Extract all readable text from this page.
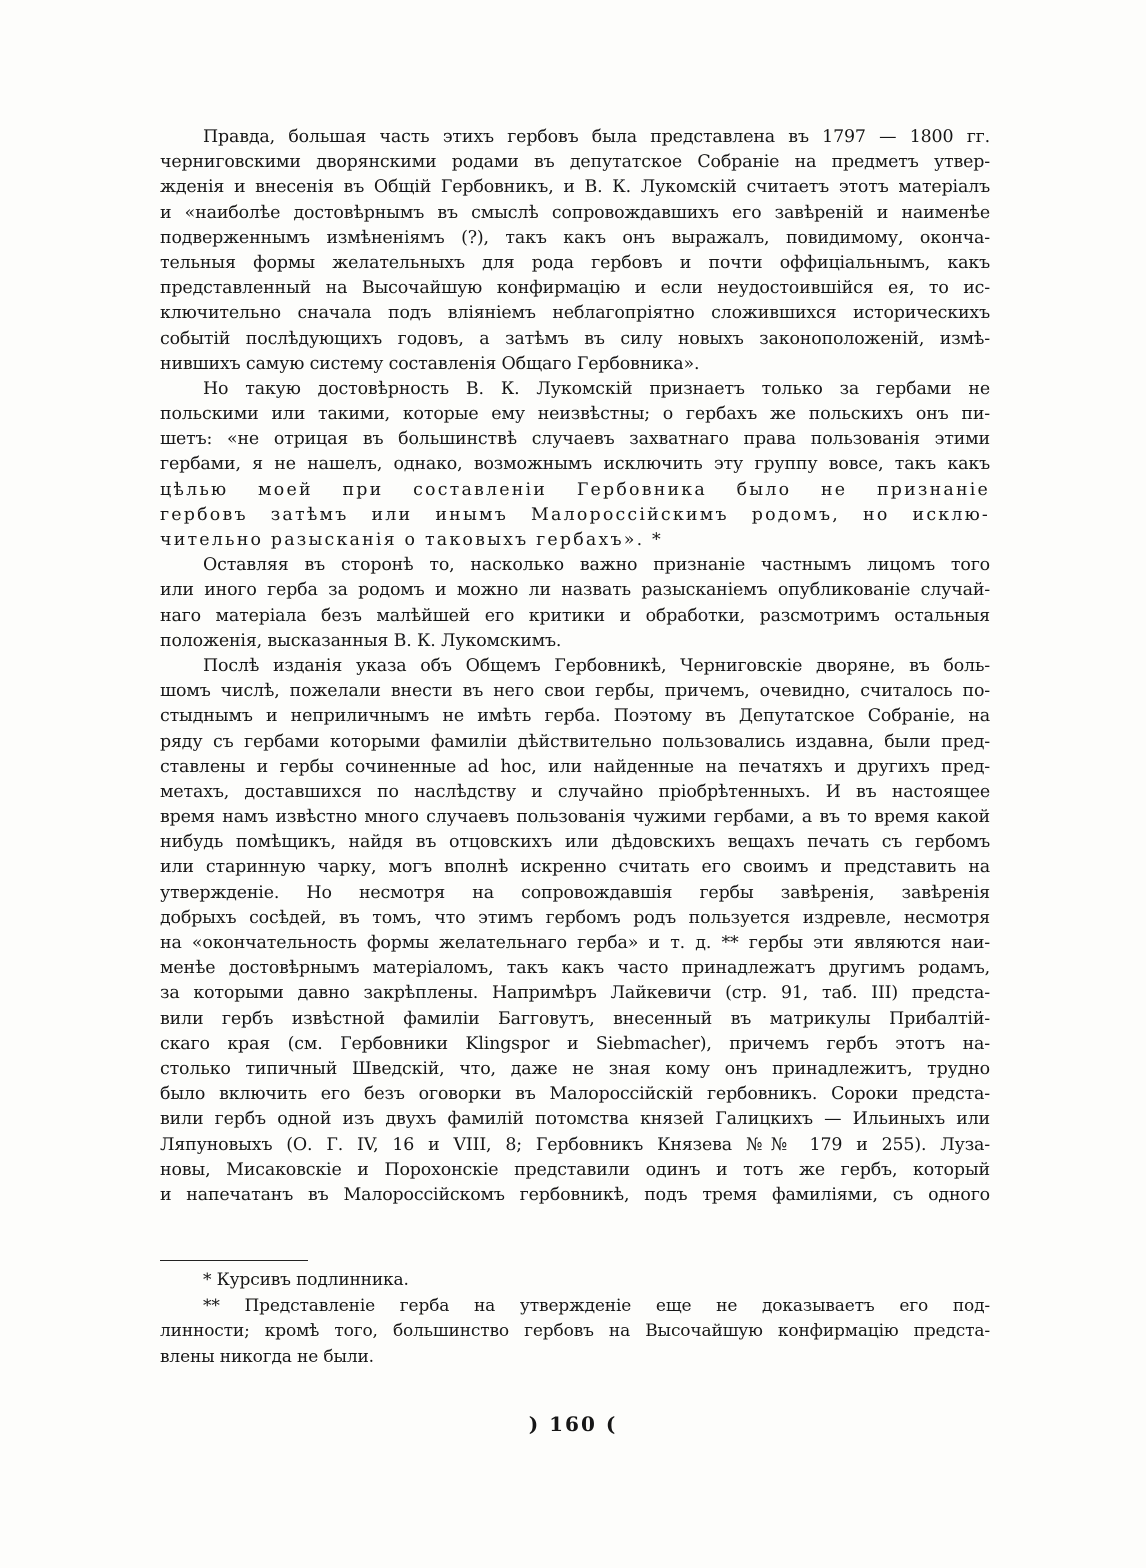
Правда, большая часть этихъ гербовъ была представлена въ 1797 — 1800 гг.
черниговскими дворянскими родами въ депутатское Собраніе на предметъ утвер-
жденія и внесенія въ Общій Гербовникъ, и В. К. Лукомскій считаетъ этотъ матеріалъ
и «наиболѣе достовѣрнымъ въ смыслѣ сопровождавшихъ его завѣреній и наименѣе
подверженнымъ измѣненіямъ (?), такъ какъ онъ выражалъ, повидимому, оконча-
тельныя формы желательныхъ для рода гербовъ и почти оффиціальнымъ, какъ
представленный на Высочайшую конфирмацію и если неудостоившійся ея, то ис-
ключительно сначала подъ вліяніемъ неблагопріятно сложившихся историческихъ
событій послѣдующихъ годовъ, а затѣмъ въ силу новыхъ законоположеній, измѣ-
нившихъ самую систему составленія Общаго Гербовника».
Но такую достовѣрность В. К. Лукомскій признаетъ только за гербами не
польскими или такими, которые ему неизвѣстны; о гербахъ же польскихъ онъ пи-
шетъ: «не отрицая въ большинствѣ случаевъ захватнаго права пользованія этими
гербами, я не нашелъ, однако, возможнымъ исключить эту группу вовсе, такъ какъ
цѣлью моей при составленіи Гербовника было не признаніе
гербовъ затѣмъ или инымъ Малороссійскимъ родомъ, но исклю-
чительно разысканія о таковыхъ гербахъ». *
Оставляя въ сторонѣ то, насколько важно признаніе частнымъ лицомъ того
или иного герба за родомъ и можно ли назвать разысканіемъ опубликованіе случай-
наго матеріала безъ малѣйшей его критики и обработки, разсмотримъ остальныя
положенія, высказанныя В. К. Лукомскимъ.
Послѣ изданія указа объ Общемъ Гербовникѣ, Черниговскіе дворяне, въ боль-
шомъ числѣ, пожелали внести въ него свои гербы, причемъ, очевидно, считалось по-
стыднымъ и неприличнымъ не имѣть герба. Поэтому въ Депутатское Собраніе, на
ряду съ гербами которыми фамиліи дѣйствительно пользовались издавна, были пред-
ставлены и гербы сочиненные ad hoc, или найденные на печатяхъ и другихъ пред-
метахъ, доставшихся по наслѣдству и случайно пріобрѣтенныхъ. И въ настоящее
время намъ извѣстно много случаевъ пользованія чужими гербами, а въ то время какой
нибудь помѣщикъ, найдя въ отцовскихъ или дѣдовскихъ вещахъ печать съ гербомъ
или старинную чарку, могъ вполнѣ искренно считать его своимъ и представить на
утвержденіе. Но несмотря на сопровождавшія гербы завѣренія, завѣренія
добрыхъ сосѣдей, въ томъ, что этимъ гербомъ родъ пользуется издревле, несмотря
на «окончательность формы желательнаго герба» и т. д. ** гербы эти являются наи-
менѣе достовѣрнымъ матеріаломъ, такъ какъ часто принадлежатъ другимъ родамъ,
за которыми давно закрѣплены. Напримѣръ Лайкевичи (стр. 91, таб. III) предста-
вили гербъ извѣстной фамиліи Багговутъ, внесенный въ матрикулы Прибалтій-
скаго края (см. Гербовники Klingspor и Siebmacher), причемъ гербъ этотъ на-
столько типичный Шведскій, что, даже не зная кому онъ принадлежитъ, трудно
было включить его безъ оговорки въ Малороссійскій гербовникъ. Сороки предста-
вили гербъ одной изъ двухъ фамилій потомства князей Галицкихъ — Ильиныхъ или
Ляпуновыхъ (О. Г. IV, 16 и VIII, 8; Гербовникъ Князева №№ 179 и 255). Лузa-
новы, Мисаковскіе и Порохонскіе представили одинъ и тотъ же гербъ, который
и напечатанъ въ Малороссійскомъ гербовникѣ, подъ тремя фамиліями, съ одного
* Курсивъ подлинника.
** Представленіе герба на утвержденіе еще не доказываетъ его под-
линности; кромѣ того, большинство гербовъ на Высочайшую конфирмацію предста-
влены никогда не были.
) 160 (
